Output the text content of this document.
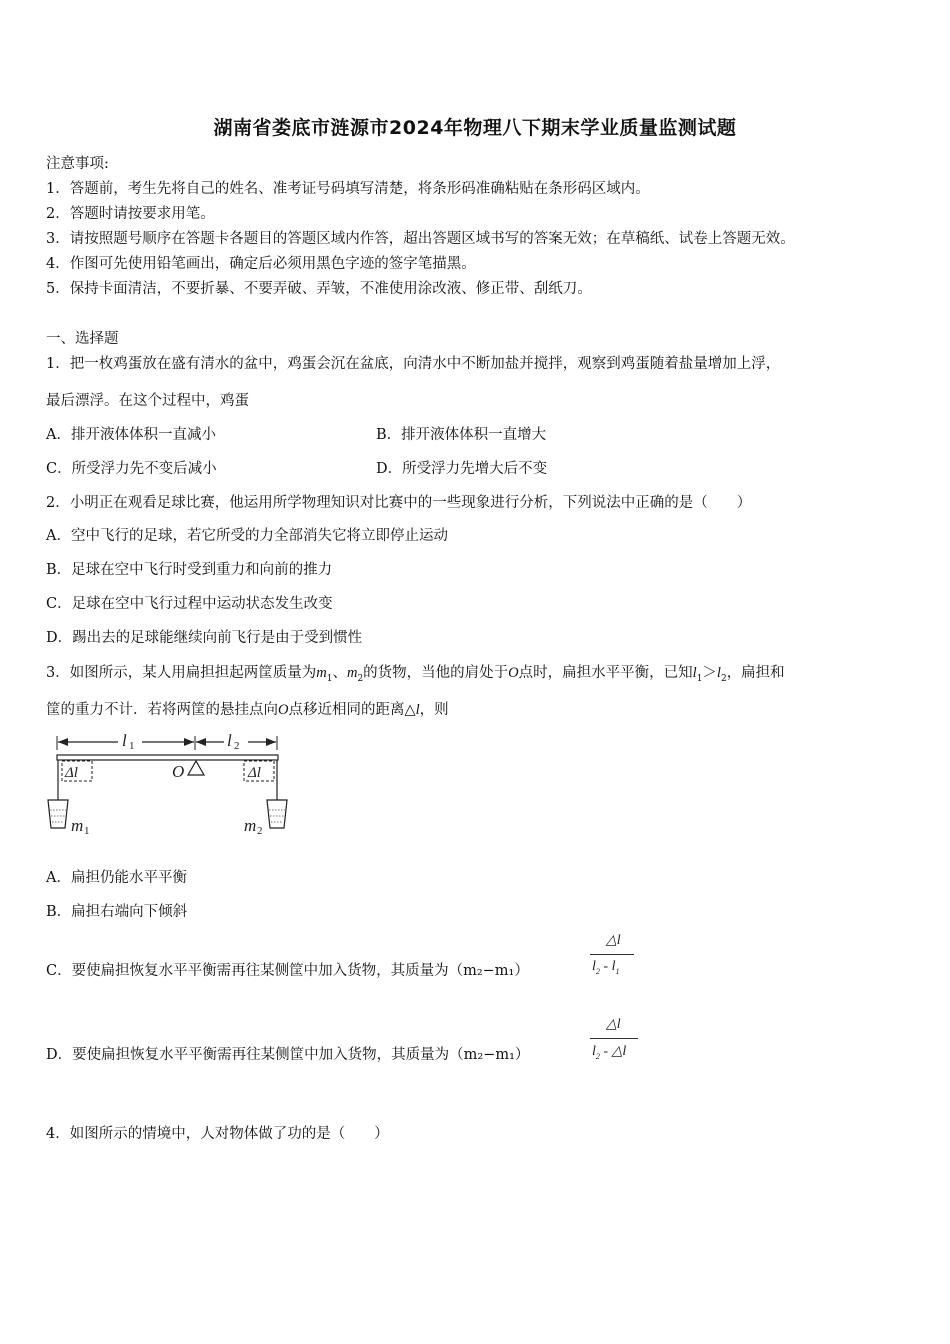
湖南省娄底市涟源市2024年物理八下期末学业质量监测试题
注意事项:
1．答题前，考生先将自己的姓名、准考证号码填写清楚，将条形码准确粘贴在条形码区域内。
2．答题时请按要求用笔。
3．请按照题号顺序在答题卡各题目的答题区域内作答，超出答题区域书写的答案无效；在草稿纸、试卷上答题无效。
4．作图可先使用铅笔画出，确定后必须用黑色字迹的签字笔描黑。
5．保持卡面清洁，不要折暴、不要弄破、弄皱，不准使用涂改液、修正带、刮纸刀。
一、选择题
1．把一枚鸡蛋放在盛有清水的盆中，鸡蛋会沉在盆底，向清水中不断加盐并搅拌，观察到鸡蛋随着盐量增加上浮，
最后漂浮。在这个过程中，鸡蛋
A．排开液体体积一直减小	B．排开液体体积一直增大
C．所受浮力先不变后减小	D．所受浮力先增大后不变
2．小明正在观看足球比赛，他运用所学物理知识对比赛中的一些现象进行分析，下列说法中正确的是（　　）
A．空中飞行的足球，若它所受的力全部消失它将立即停止运动
B．足球在空中飞行时受到重力和向前的推力
C．足球在空中飞行过程中运动状态发生改变
D．踢出去的足球能继续向前飞行是由于受到惯性
3．如图所示，某人用扁担担起两筐质量为$m_1$、$m_2$的货物，当他的肩处于O点时，扁担水平平衡，已知$l_1>l_2$，扁担和
筐的重力不计．若将两筐的悬挂点向O点移近相同的距离△l，则
l 1	l 2
Δl	Δl
O
m 1	m 2
A．扁担仍能水平平衡
B．扁担右端向下倾斜
C．要使扁担恢复水平平衡需再往某侧筐中加入货物，其质量为（m₂−m₁）
△l
$l_2 - l_1$
D．要使扁担恢复水平平衡需再往某侧筐中加入货物，其质量为（m₂−m₁）
△l
$l_2$ - △l
4．如图所示的情境中，人对物体做了功的是（　　）
